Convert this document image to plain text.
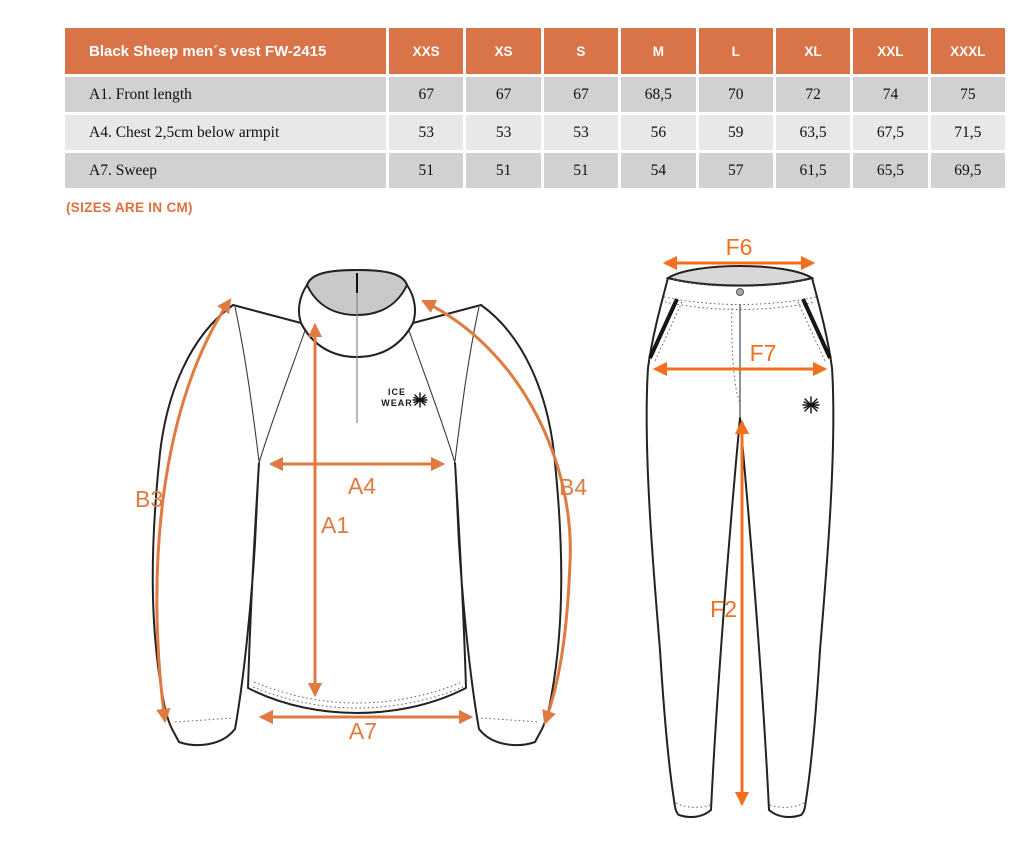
Black Sheep men´s vest FW-2415	XXS	XS	S	M	L	XL	XXL	XXXL
A1. Front length	67	67	67	68,5	70	72	74	75
A4. Chest 2,5cm below armpit	53	53	53	56	59	63,5	67,5	71,5
A7. Sweep	51	51	51	54	57	61,5	65,5	69,5
(SIZES ARE IN CM)
ICE
WEAR
B3	B4
A4
A1
A7
F6
F7
F2
